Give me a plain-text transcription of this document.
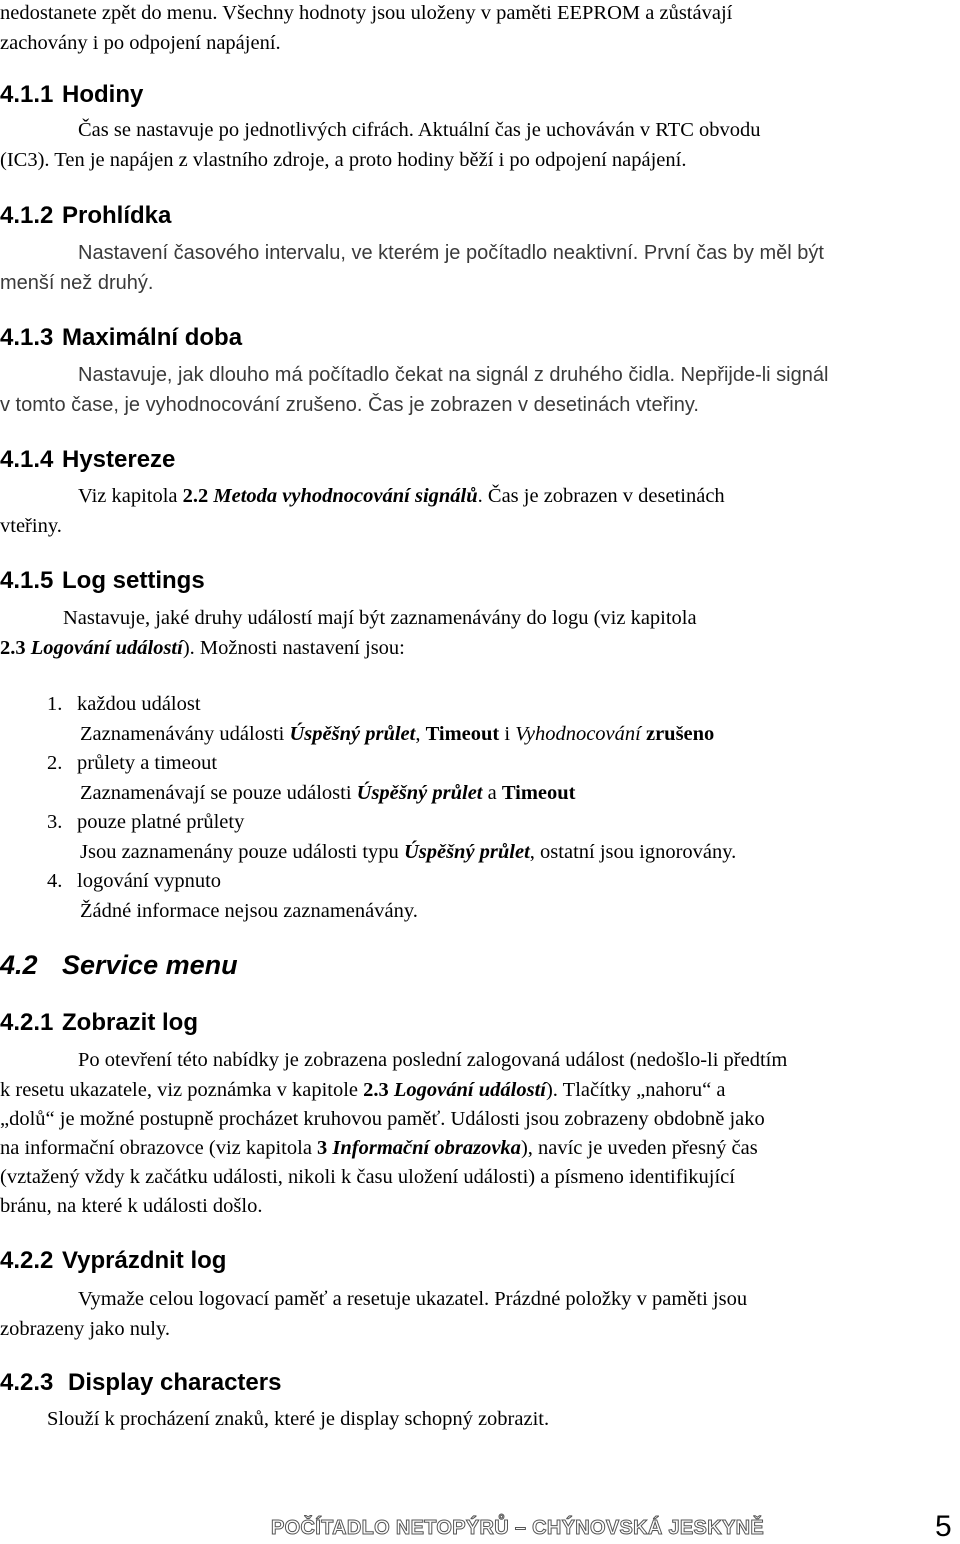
nedostanete zpět do menu. Všechny hodnoty jsou uloženy v paměti EEPROM a zůstávají
zachovány i po odpojení napájení.
4.1.1 Hodiny
Čas se nastavuje po jednotlivých cifrách. Aktuální čas je uchováván v RTC obvodu
(IC3). Ten je napájen z vlastního zdroje, a proto hodiny běží i po odpojení napájení.
4.1.2 Prohlídka
Nastavení časového intervalu, ve kterém je počítadlo neaktivní. První čas by měl být
menší než druhý.
4.1.3 Maximální doba
Nastavuje, jak dlouho má počítadlo čekat na signál z druhého čidla. Nepřijde-li signál
v tomto čase, je vyhodnocování zrušeno. Čas je zobrazen v desetinách vteřiny.
4.1.4 Hystereze
Viz kapitola 2.2 Metoda vyhodnocování signálů. Čas je zobrazen v desetinách
vteřiny.
4.1.5 Log settings
Nastavuje, jaké druhy událostí mají být zaznamenávány do logu (viz kapitola
2.3 Logování událostí). Možnosti nastavení jsou:
1. každou událost
Zaznamenávány události Úspěšný průlet, Timeout i Vyhodnocování zrušeno
2. průlety a timeout
Zaznamenávají se pouze události Úspěšný průlet a Timeout
3. pouze platné průlety
Jsou zaznamenány pouze události typu Úspěšný průlet, ostatní jsou ignorovány.
4. logování vypnuto
Žádné informace nejsou zaznamenávány.
4.2 Service menu
4.2.1 Zobrazit log
Po otevření této nabídky je zobrazena poslední zalogovaná událost (nedošlo-li předtím
k resetu ukazatele, viz poznámka v kapitole 2.3 Logování událostí). Tlačítky „nahoru“ a
„dolů“ je možné postupně procházet kruhovou paměť. Události jsou zobrazeny obdobně jako
na informační obrazovce (viz kapitola 3 Informační obrazovka), navíc je uveden přesný čas
(vztažený vždy k začátku události, nikoli k času uložení události) a písmeno identifikující
bránu, na které k události došlo.
4.2.2 Vyprázdnit log
Vymaže celou logovací paměť a resetuje ukazatel. Prázdné položky v paměti jsou
zobrazeny jako nuly.
4.2.3 Display characters
Slouží k procházení znaků, které je display schopný zobrazit.
POČÍTADLO NETOPÝRŮ – CHÝNOVSKÁ JESKYNĚ	5
